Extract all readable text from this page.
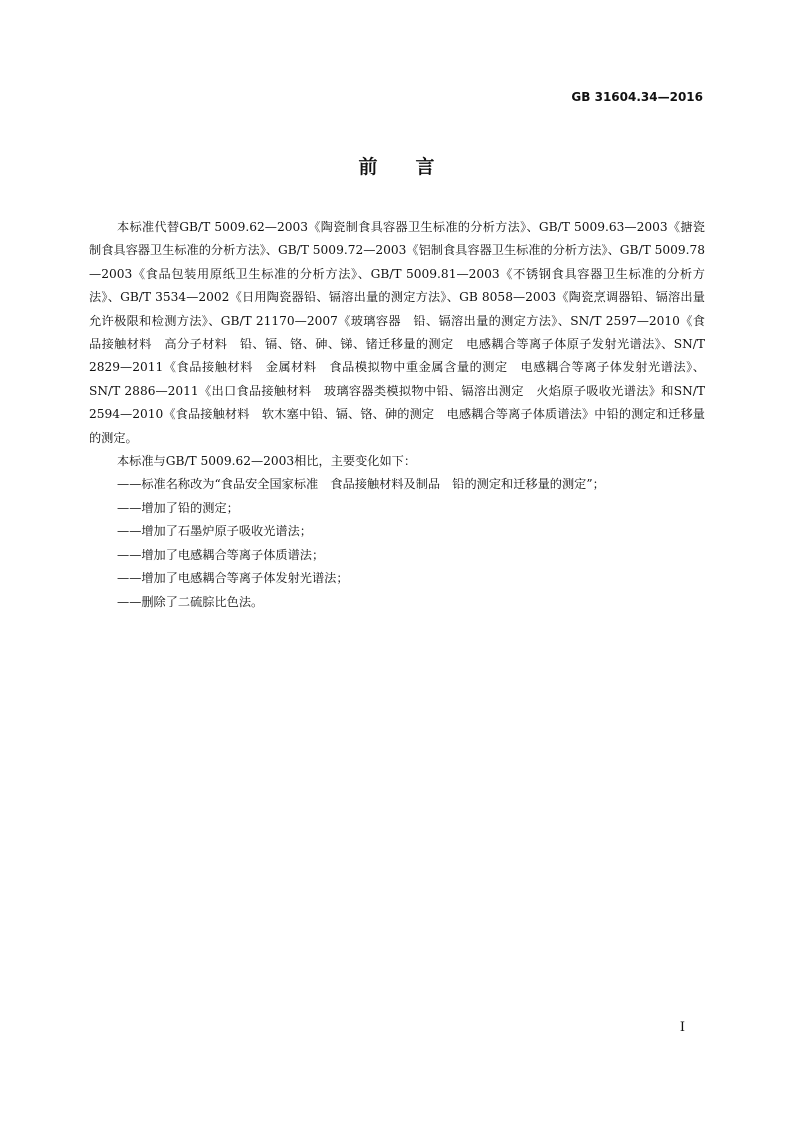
GB 31604.34—2016
前言

本标准代替GB/T 5009.62—2003《陶瓷制食具容器卫生标准的分析方法》、GB/T 5009.63—2003《搪瓷制食具容器卫生标准的分析方法》、GB/T 5009.72—2003《铝制食具容器卫生标准的分析方法》、GB/T 5009.78—2003《食品包装用原纸卫生标准的分析方法》、GB/T 5009.81—2003《不锈钢食具容器卫生标准的分析方法》、GB/T 3534—2002《日用陶瓷器铅、镉溶出量的测定方法》、GB 8058—2003《陶瓷烹调器铅、镉溶出量允许极限和检测方法》、GB/T 21170—2007《玻璃容器　铅、镉溶出量的测定方法》、SN/T 2597—2010《食品接触材料　高分子材料　铅、镉、铬、砷、锑、锗迁移量的测定　电感耦合等离子体原子发射光谱法》、SN/T 2829—2011《食品接触材料　金属材料　食品模拟物中重金属含量的测定　电感耦合等离子体发射光谱法》、SN/T 2886—2011《出口食品接触材料　玻璃容器类模拟物中铅、镉溶出测定　火焰原子吸收光谱法》和SN/T 2594—2010《食品接触材料　软木塞中铅、镉、铬、砷的测定　电感耦合等离子体质谱法》中铅的测定和迁移量的测定。

本标准与GB/T 5009.62—2003相比，主要变化如下：

——标准名称改为“食品安全国家标准　食品接触材料及制品　铅的测定和迁移量的测定”；
——增加了铅的测定；
——增加了石墨炉原子吸收光谱法；
——增加了电感耦合等离子体质谱法；
——增加了电感耦合等离子体发射光谱法；
——删除了二硫腙比色法。
I
